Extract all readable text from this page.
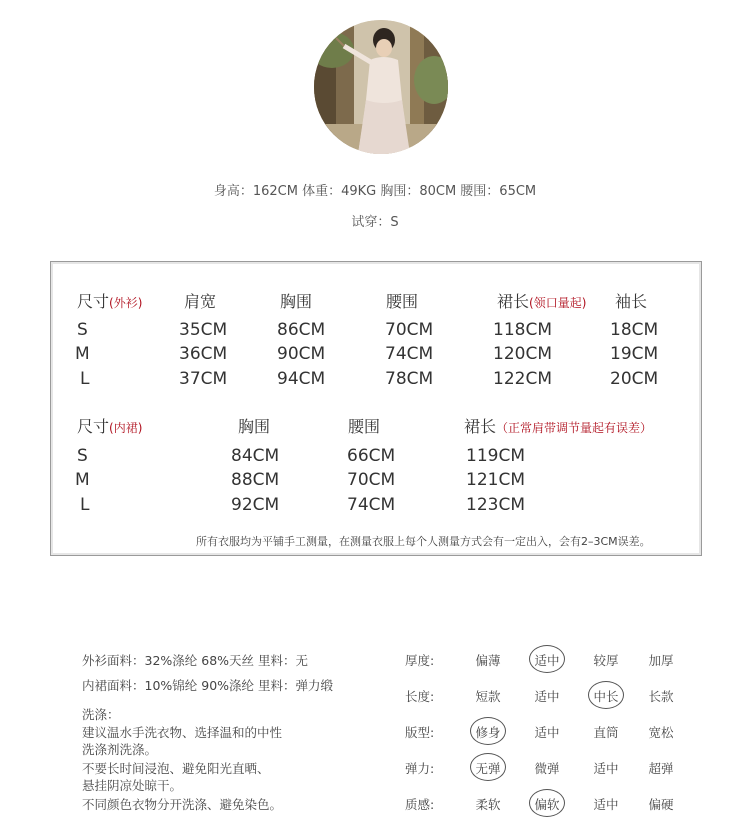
身高：162CM 体重：49KG 胸围：80CM 腰围：65CM
试穿：S
尺寸(外衫)	肩宽	胸围	腰围	裙长(领口量起) 袖长
S	35CM	86CM	70CM	118CM	18CM
M	36CM	90CM	74CM	120CM	19CM
L	37CM	94CM	78CM	122CM	20CM
尺寸(内裙)	胸围	腰围	裙长（正常肩带调节量起有误差）
S	84CM	66CM	119CM
M	88CM	70CM	121CM
L	92CM	74CM	123CM
所有衣服均为平铺手工测量，在测量衣服上每个人测量方式会有一定出入，会有2–3CM误差。
外衫面料：32%涤纶 68%天丝 里料：无
内裙面料：10%锦纶 90%涤纶 里料：弹力缎
洗涤：
建议温水手洗衣物、选择温和的中性
洗涤剂洗涤。
不要长时间浸泡、避免阳光直晒、
悬挂阴凉处晾干。
不同颜色衣物分开洗涤、避免染色。
厚度:	偏薄	适中	较厚	加厚
长度:	短款	适中	中长	长款
版型:	修身	适中	直筒	宽松
弹力:	无弹	微弹	适中	超弹
质感:	柔软	偏软	适中	偏硬
